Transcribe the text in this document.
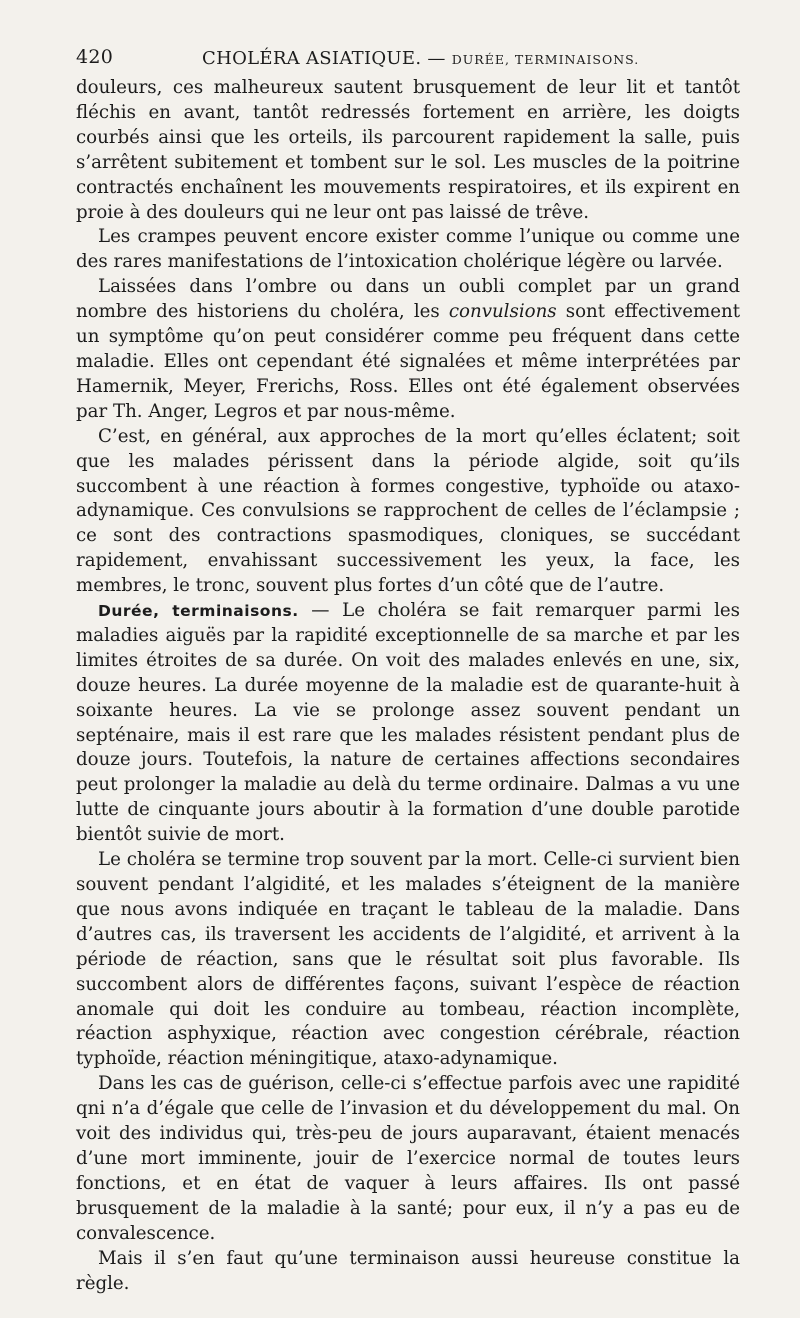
420	CHOLÉRA ASIATIQUE. — DURÉE, TERMINAISONS.

douleurs, ces malheureux sautent brusquement de leur lit et tantôt fléchis en avant, tantôt redressés fortement en arrière, les doigts courbés ainsi que les orteils, ils parcourent rapidement la salle, puis s’arrêtent subitement et tombent sur le sol. Les muscles de la poitrine contractés enchaînent les mouvements respiratoires, et ils expirent en proie à des douleurs qui ne leur ont pas laissé de trêve.

Les crampes peuvent encore exister comme l’unique ou comme une des rares manifestations de l’intoxication cholérique légère ou larvée.

Laissées dans l’ombre ou dans un oubli complet par un grand nombre des historiens du choléra, les convulsions sont effectivement un symptôme qu’on peut considérer comme peu fréquent dans cette maladie. Elles ont cependant été signalées et même interprétées par Hamernik, Meyer, Frerichs, Ross. Elles ont été également observées par Th. Anger, Legros et par nous-même.

C’est, en général, aux approches de la mort qu’elles éclatent; soit que les malades périssent dans la période algide, soit qu’ils succombent à une réaction à formes congestive, typhoïde ou ataxo-adynamique. Ces convulsions se rapprochent de celles de l’éclampsie ; ce sont des contractions spasmodiques, cloniques, se succédant rapidement, envahissant successivement les yeux, la face, les membres, le tronc, souvent plus fortes d’un côté que de l’autre.

Durée, terminaisons. — Le choléra se fait remarquer parmi les maladies aiguës par la rapidité exceptionnelle de sa marche et par les limites étroites de sa durée. On voit des malades enlevés en une, six, douze heures. La durée moyenne de la maladie est de quarante-huit à soixante heures. La vie se prolonge assez souvent pendant un septénaire, mais il est rare que les malades résistent pendant plus de douze jours. Toutefois, la nature de certaines affections secondaires peut prolonger la maladie au delà du terme ordinaire. Dalmas a vu une lutte de cinquante jours aboutir à la formation d’une double parotide bientôt suivie de mort.

Le choléra se termine trop souvent par la mort. Celle-ci survient bien souvent pendant l’algidité, et les malades s’éteignent de la manière que nous avons indiquée en traçant le tableau de la maladie. Dans d’autres cas, ils traversent les accidents de l’algidité, et arrivent à la période de réaction, sans que le résultat soit plus favorable. Ils succombent alors de différentes façons, suivant l’espèce de réaction anomale qui doit les conduire au tombeau, réaction incomplète, réaction asphyxique, réaction avec congestion cérébrale, réaction typhoïde, réaction méningitique, ataxo-adynamique.

Dans les cas de guérison, celle-ci s’effectue parfois avec une rapidité qni n’a d’égale que celle de l’invasion et du développement du mal. On voit des individus qui, très-peu de jours auparavant, étaient menacés d’une mort imminente, jouir de l’exercice normal de toutes leurs fonctions, et en état de vaquer à leurs affaires. Ils ont passé brusquement de la maladie à la santé; pour eux, il n’y a pas eu de convalescence.

Mais il s’en faut qu’une terminaison aussi heureuse constitue la règle.
